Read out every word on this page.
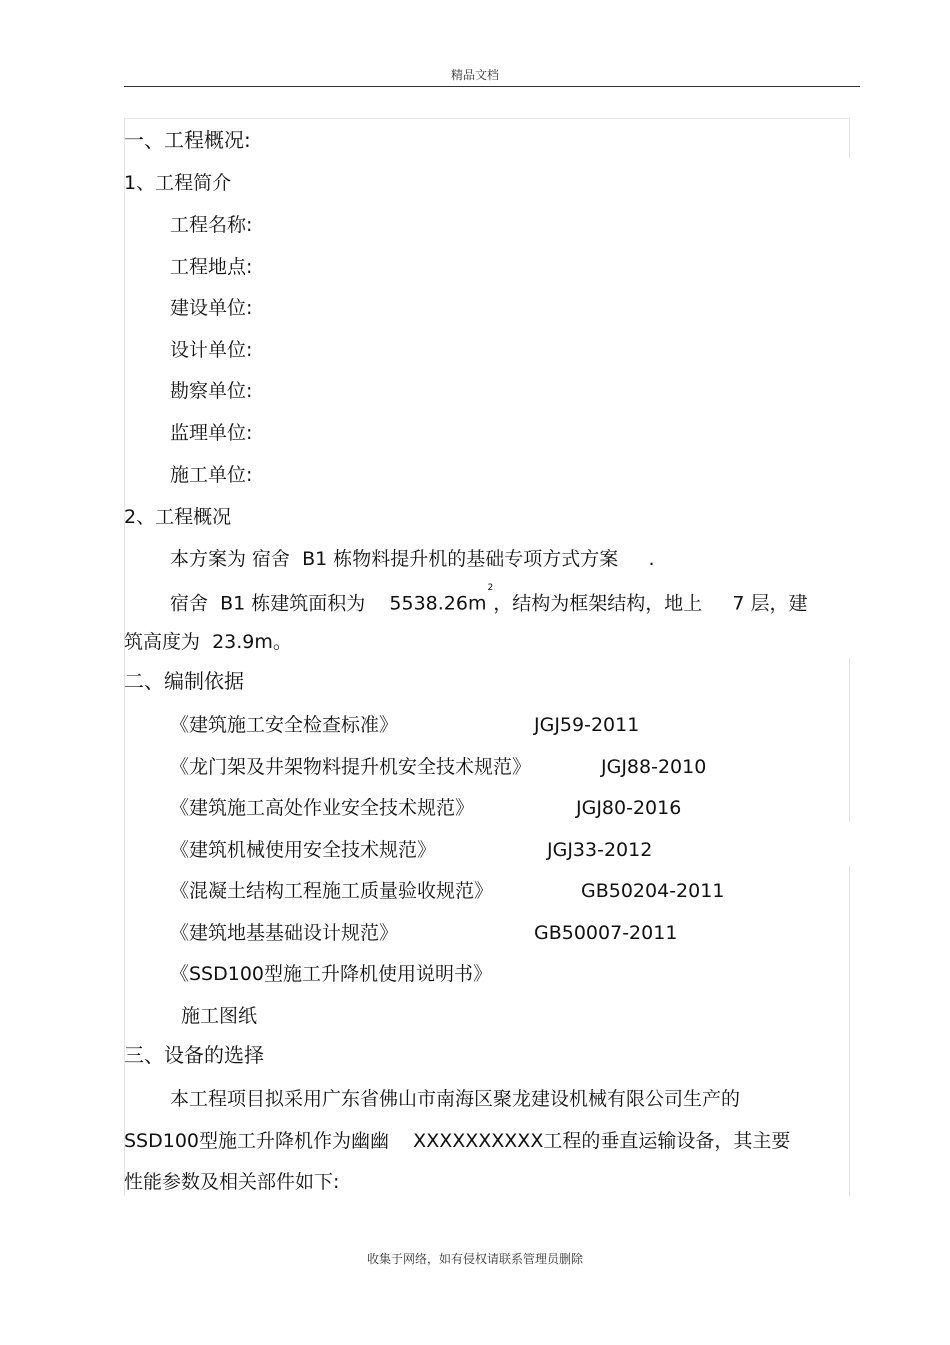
精品文档
收集于网络，如有侵权请联系管理员删除
一、工程概况:
1、工程简介
工程名称:
工程地点:
建设单位:
设计单位:
勘察单位:
监理单位:
施工单位:
2、工程概况
本方案为 宿舍  B1 栋物料提升机的基础专项方式方案     .
宿舍  B1 栋建筑面积为    $5538.26m^2$，结构为框架结构，地上     7 层，建
筑高度为  23.9m。
二、编制依据
《建筑施工安全检查标准》	JGJ59-2011
《龙门架及井架物料提升机安全技术规范》	JGJ88-2010
《建筑施工高处作业安全技术规范》	JGJ80-2016
《建筑机械使用安全技术规范》	JGJ33-2012
《混凝土结构工程施工质量验收规范》	GB50204-2011
《建筑地基基础设计规范》	GB50007-2011
《SSD100型施工升降机使用说明书》
施工图纸
三、设备的选择
本工程项目拟采用广东省佛山市南海区聚龙建设机械有限公司生产的
SSD100型施工升降机作为幽幽    XXXXXXXXXX工程的垂直运输设备，其主要
性能参数及相关部件如下:
